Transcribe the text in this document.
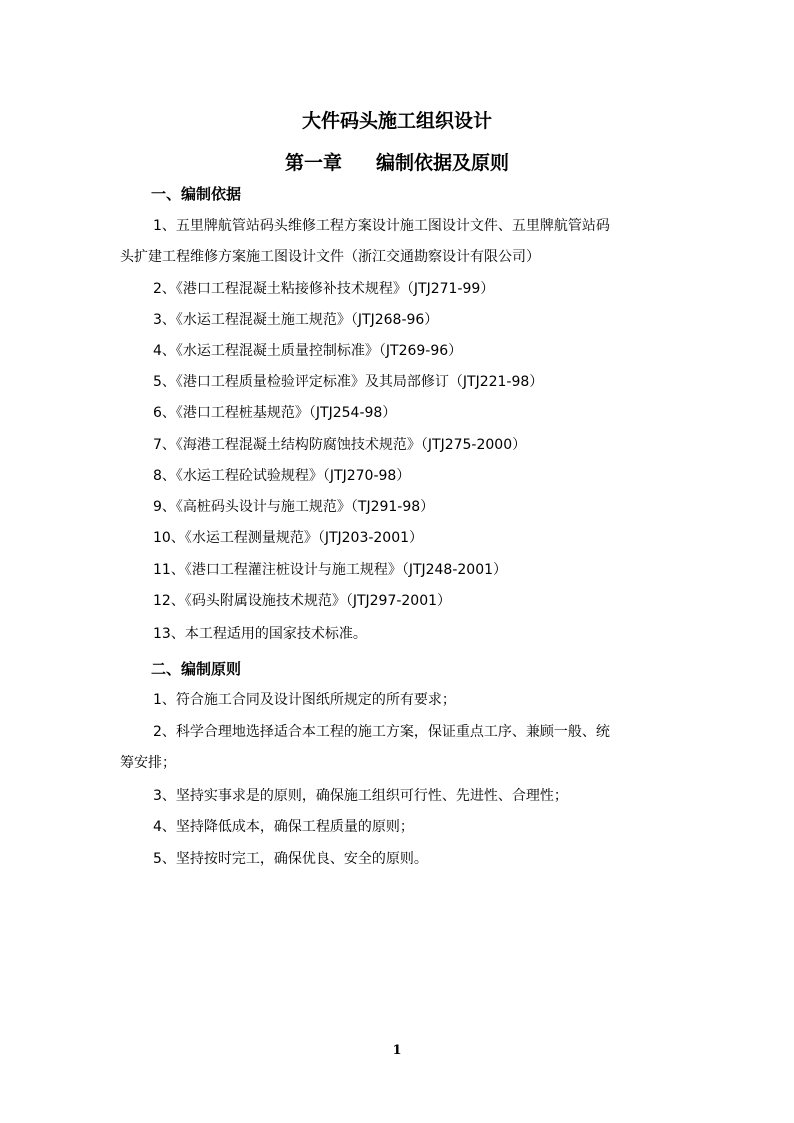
大件码头施工组织设计
第一章 编制依据及原则
一、编制依据
1、五里牌航管站码头维修工程方案设计施工图设计文件、五里牌航管站码
头扩建工程维修方案施工图设计文件（浙江交通勘察设计有限公司）
2、《港口工程混凝土粘接修补技术规程》（JTJ271-99）
3、《水运工程混凝土施工规范》（JTJ268-96）
4、《水运工程混凝土质量控制标准》（JT269-96）
5、《港口工程质量检验评定标准》及其局部修订（JTJ221-98）
6、《港口工程桩基规范》（JTJ254-98）
7、《海港工程混凝土结构防腐蚀技术规范》（JTJ275-2000）
8、《水运工程砼试验规程》（JTJ270-98）
9、《高桩码头设计与施工规范》（TJ291-98）
10、《水运工程测量规范》（JTJ203-2001）
11、《港口工程灌注桩设计与施工规程》（JTJ248-2001）
12、《码头附属设施技术规范》（JTJ297-2001）
13、本工程适用的国家技术标准。
二、编制原则
1、符合施工合同及设计图纸所规定的所有要求；
2、科学合理地选择适合本工程的施工方案，保证重点工序、兼顾一般、统
筹安排；
3、坚持实事求是的原则，确保施工组织可行性、先进性、合理性；
4、坚持降低成本，确保工程质量的原则；
5、坚持按时完工，确保优良、安全的原则。
1
